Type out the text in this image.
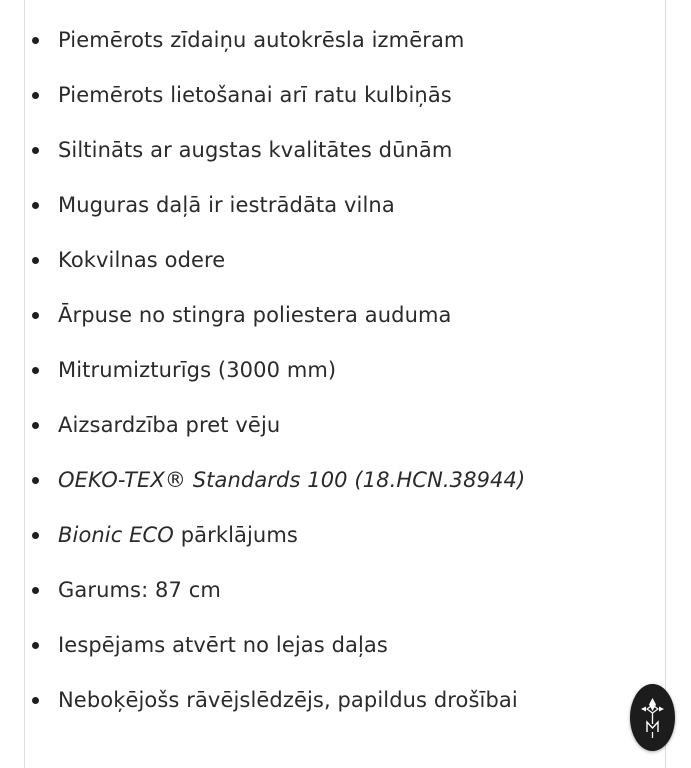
Piemērots zīdaiņu autokrēsla izmēram
Piemērots lietošanai arī ratu kulbiņās
Siltināts ar augstas kvalitātes dūnām
Muguras daļā ir iestrādāta vilna
Kokvilnas odere
Ārpuse no stingra poliestera auduma
Mitrumizturīgs (3000 mm)
Aizsardzība pret vēju
OEKO-TEX® Standards 100 (18.HCN.38944)
Bionic ECO pārklājums
Garums: 87 cm
Iespējams atvērt no lejas daļas
Neboķējošs rāvējslēdzējs, papildus drošībai
